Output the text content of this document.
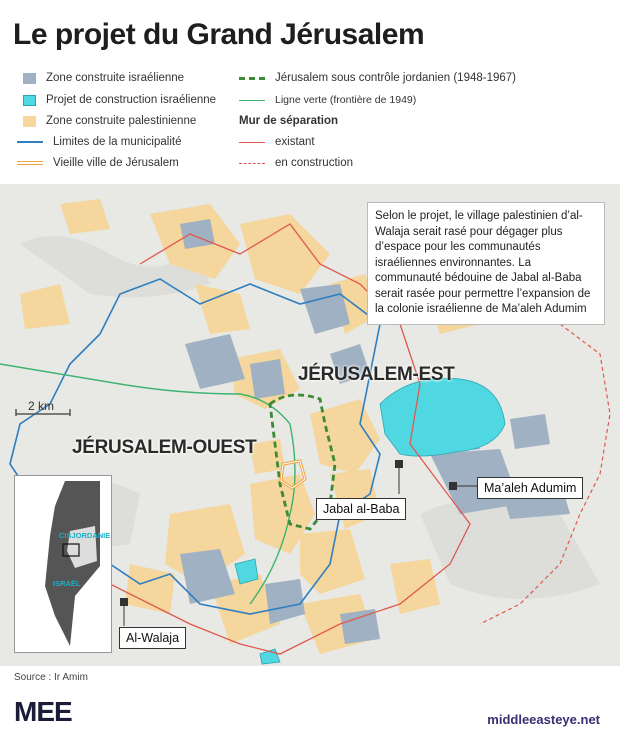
Le projet du Grand Jérusalem
Zone construite israélienne
Projet de construction israélienne
Zone construite palestinienne
Limites de la municipalité
Vieille ville de Jérusalem
Jérusalem sous contrôle jordanien (1948-1967)
Ligne verte (frontière de 1949)
Mur de séparation
existant
en construction
Selon le projet, le village palestinien d’al-Walaja serait rasé pour dégager plus d’espace pour les communautés israéliennes environnantes. La communauté bédouine de Jabal al-Baba serait rasée pour permettre l’expansion de la colonie israélienne de Ma’aleh Adumim
JÉRUSALEM-EST
JÉRUSALEM-OUEST
Ma’aleh Adumim
Jabal al-Baba
Al-Walaja
2 km
CISJORDANIE
ISRAËL
Source : Ir Amim
MEE	middleeasteye.net
